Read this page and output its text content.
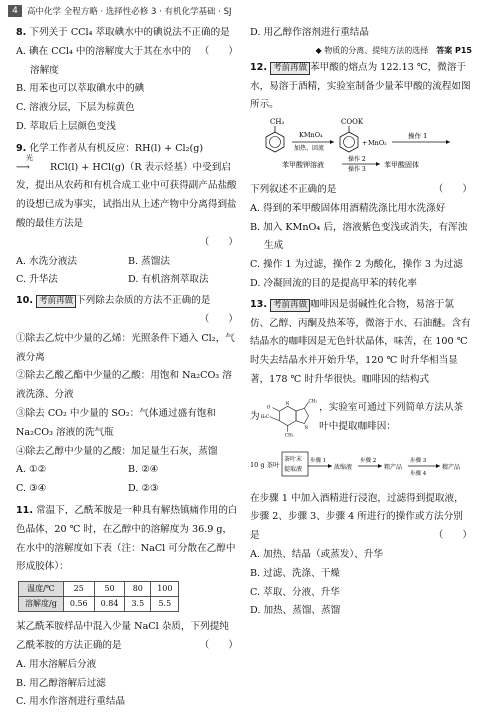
4	高中化学 全程方略 · 选择性必修 3 · 有机化学基础 · SJ

8. 下列关于 CCl₄ 萃取碘水中的碘说法不正确的是
（　　）

A. 碘在 CCl₄ 中的溶解度大于其在水中的溶解度

B. 用苯也可以萃取碘水中的碘

C. 溶液分层，下层为棕黄色

D. 萃取后上层颜色变浅

9. 化学工作者从有机反应：RH(l) + Cl₂(g)
光
⟶ RCl(l) + HCl(g)（R 表示烃基）中受到启发，提出从农药和有机合成工业中可获得副产品盐酸的设想已成为事实，试指出从上述产物中分离得到盐酸的最佳方法是

（　　）

A. 水洗分液法	B. 蒸馏法

C. 升华法	D. 有机溶剂萃取法

10. 考前再做 下列除去杂质的方法不正确的是

（　　）

①除去乙烷中少量的乙烯：光照条件下通入 Cl₂，气液分离

②除去乙酸乙酯中少量的乙酸：用饱和 Na₂CO₃ 溶液洗涤、分液

③除去 CO₂ 中少量的 SO₂：气体通过盛有饱和 Na₂CO₃ 溶液的洗气瓶

④除去乙醇中少量的乙酸：加足量生石灰，蒸馏

A. ①②	B. ②④

C. ③④	D. ②③

11. 常温下，乙酰苯胺是一种具有解热镇痛作用的白色晶体，20 ℃ 时，在乙醇中的溶解度为 36.9 g，在水中的溶解度如下表（注：NaCl 可分散在乙醇中形成胶体）：

温度/℃	25	50	80	100
溶解度/g	0.56	0.84	3.5	5.5

某乙酰苯胺样品中混入少量 NaCl 杂质，下列提纯乙酰苯胺的方法正确的是	（　　）

A. 用水溶解后分液

B. 用乙醇溶解后过滤

C. 用水作溶剂进行重结晶

D. 用乙醇作溶剂进行重结晶

◆ 物质的分离、提纯方法的选择　 答案 P15

12. 考前再做 苯甲酸的熔点为 122.13 ℃，微溶于水，易溶于酒精，实验室制备少量苯甲酸的流程如图所示。

CH₃
KMnO₄
加热、回流
COOK
+ MnO₂
操作 1
苯甲酸钾溶液
操作 2
操作 3
苯甲酸固体

下列叙述不正确的是	（　　）

A. 得到的苯甲酸固体用酒精洗涤比用水洗涤好

B. 加入 KMnO₄ 后，溶液紫色变浅或消失，有浑浊生成

C. 操作 1 为过滤，操作 2 为酸化，操作 3 为过滤

D. 冷凝回流的目的是提高甲苯的转化率

13. 考前再做 咖啡因是弱碱性化合物，易溶于氯仿、乙醇、丙酮及热苯等，微溶于水、石油醚。含有结晶水的咖啡因是无色针状晶体，味苦，在 100 ℃ 时失去结晶水并开始升华，120 ℃ 时升华相当显著，178 ℃ 时升华很快。咖啡因的结构式

为
O
CH₃
CH₃
H₃C
N
N
，实验室可通过下列简单方法从茶叶中提取咖啡因：
10 g 茶叶
茶叶末
提取液
步骤 1
浓缩液
步骤 2
粗产品
步骤 3
步骤 4
精产品

在步骤 1 中加入酒精进行浸泡，过滤得到提取液，步骤 2、步骤 3、步骤 4 所进行的操作或方法分别是	（　　）

A. 加热、结晶（或蒸发）、升华

B. 过滤、洗涤、干燥

C. 萃取、分液、升华

D. 加热、蒸馏、蒸馏
